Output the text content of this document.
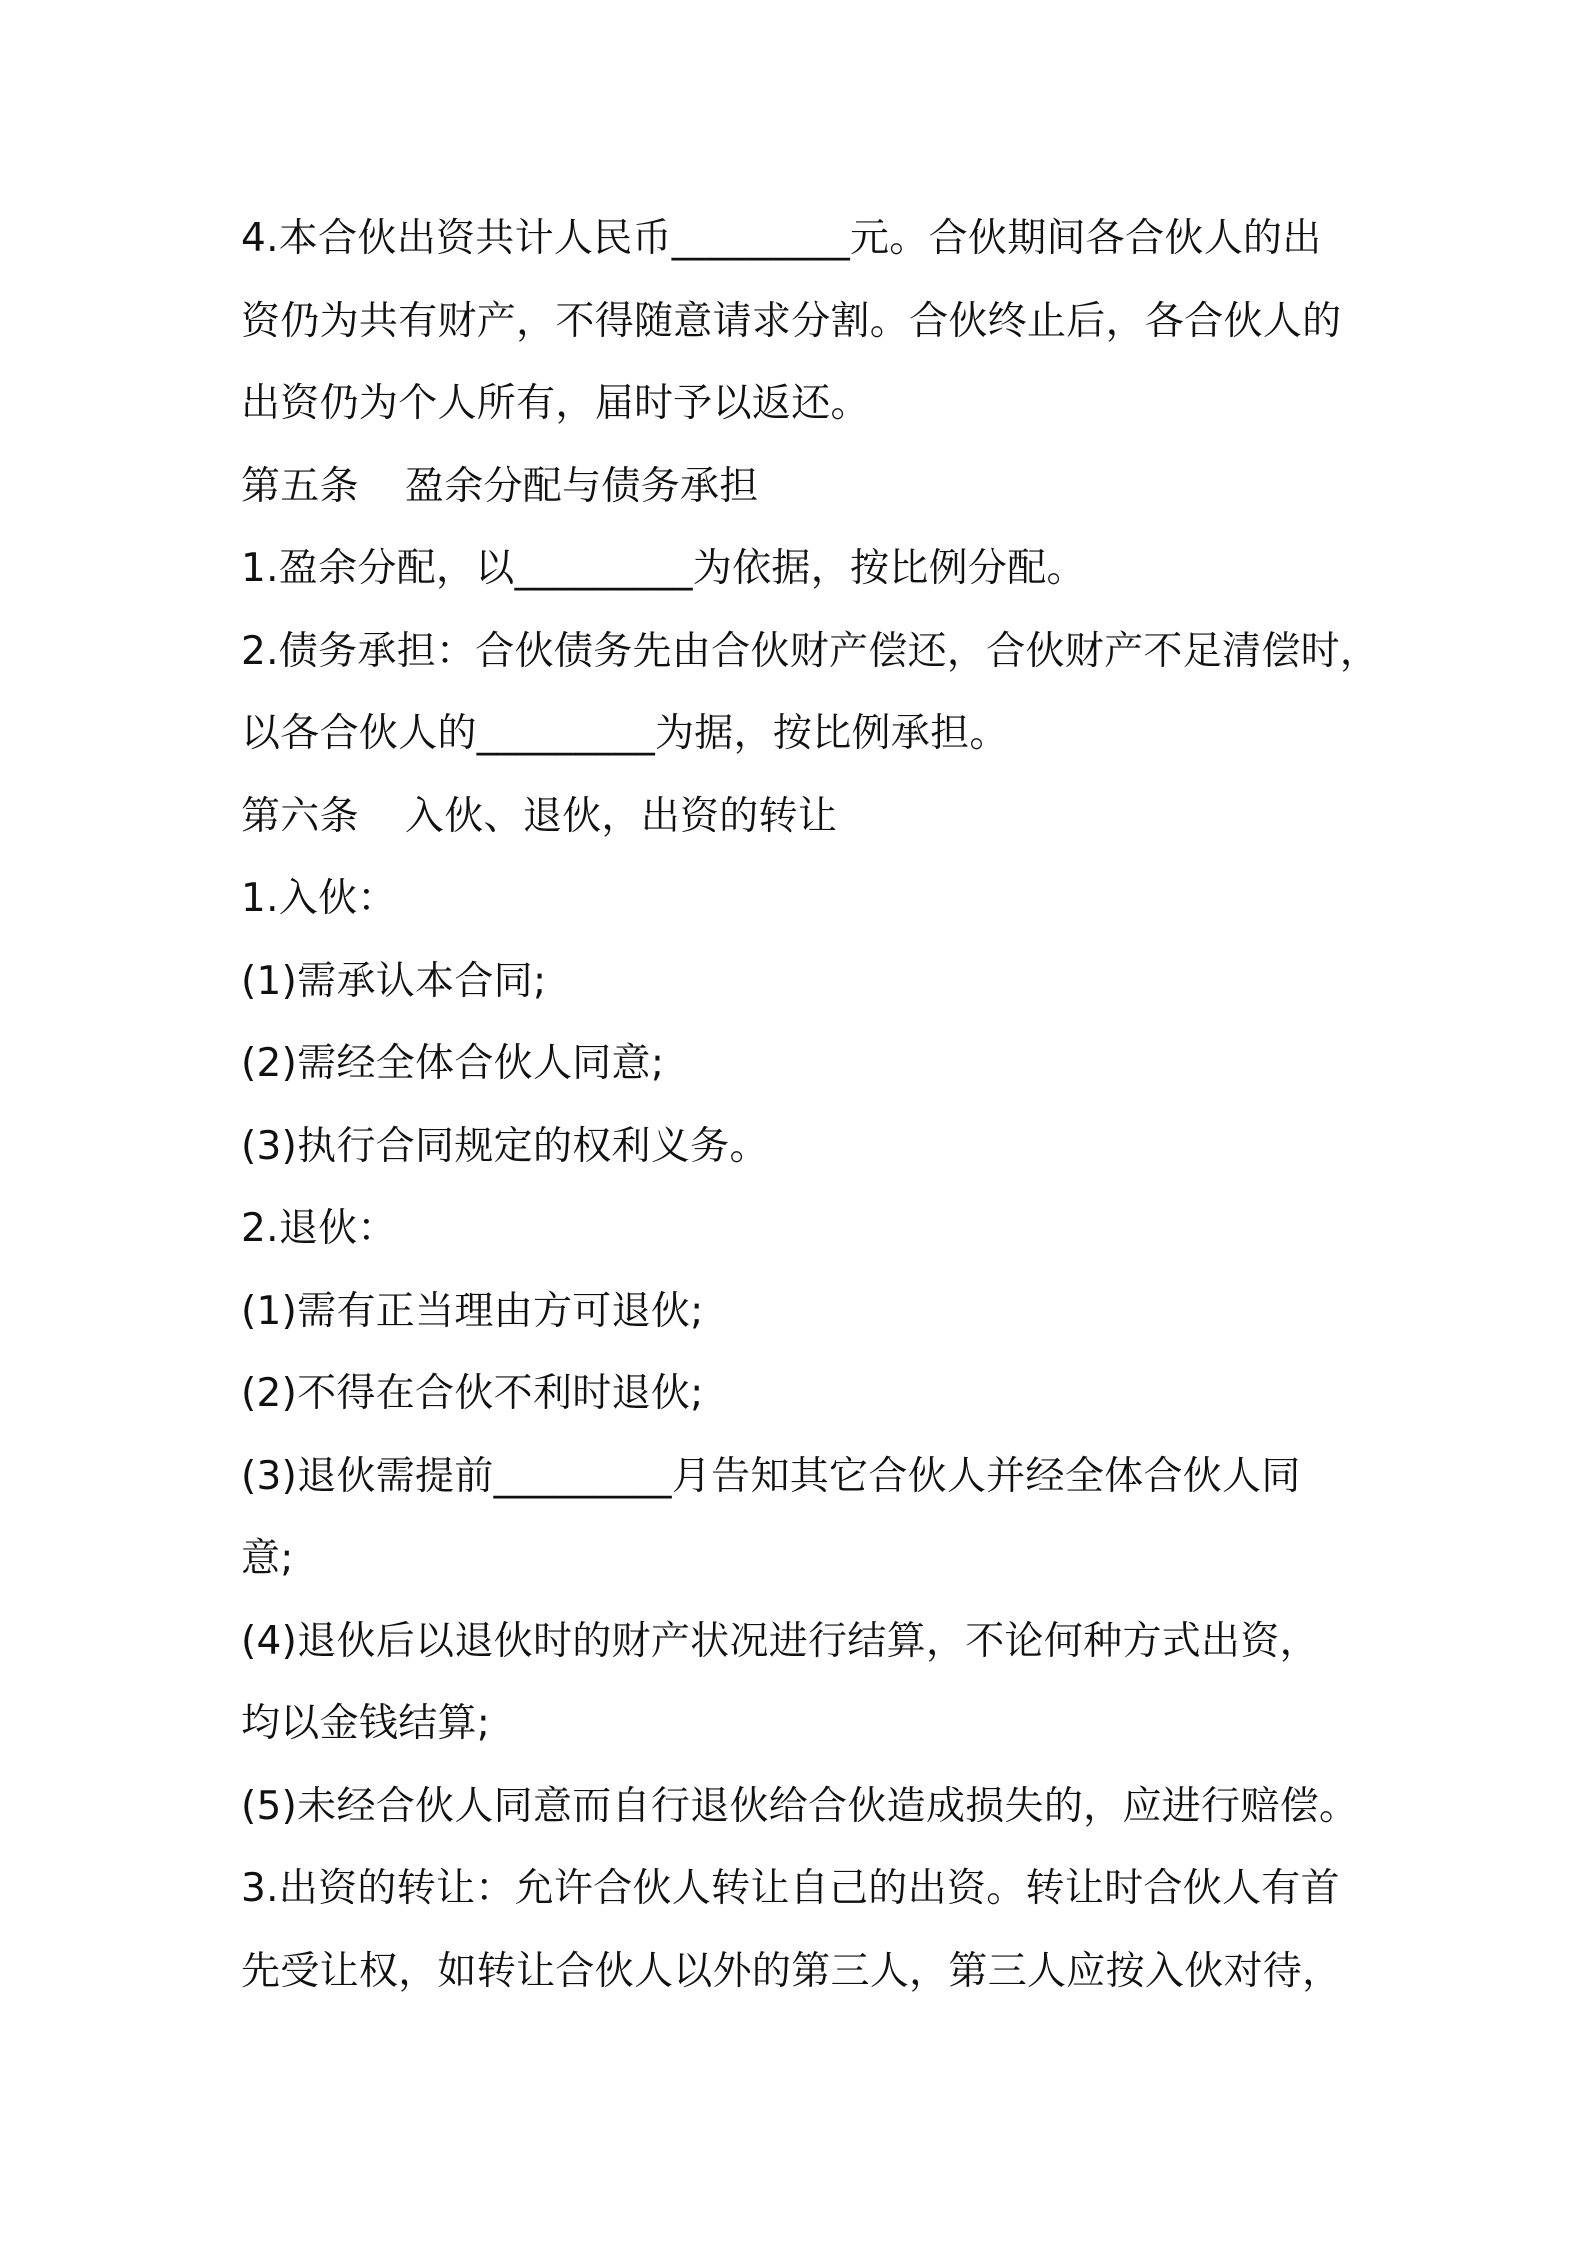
4.本合伙出资共计人民币_________元。合伙期间各合伙人的出

资仍为共有财产，不得随意请求分割。合伙终止后，各合伙人的

出资仍为个人所有，届时予以返还。

第五条 盈余分配与债务承担

1.盈余分配，以_________为依据，按比例分配。

2.债务承担：合伙债务先由合伙财产偿还，合伙财产不足清偿时，

以各合伙人的_________为据，按比例承担。

第六条 入伙、退伙，出资的转让

1.入伙：

(1)需承认本合同;

(2)需经全体合伙人同意;

(3)执行合同规定的权利义务。

2.退伙：

(1)需有正当理由方可退伙;

(2)不得在合伙不利时退伙;

(3)退伙需提前_________月告知其它合伙人并经全体合伙人同

意;

(4)退伙后以退伙时的财产状况进行结算，不论何种方式出资，

均以金钱结算;

(5)未经合伙人同意而自行退伙给合伙造成损失的，应进行赔偿。

3.出资的转让：允许合伙人转让自己的出资。转让时合伙人有首

先受让权，如转让合伙人以外的第三人，第三人应按入伙对待，
